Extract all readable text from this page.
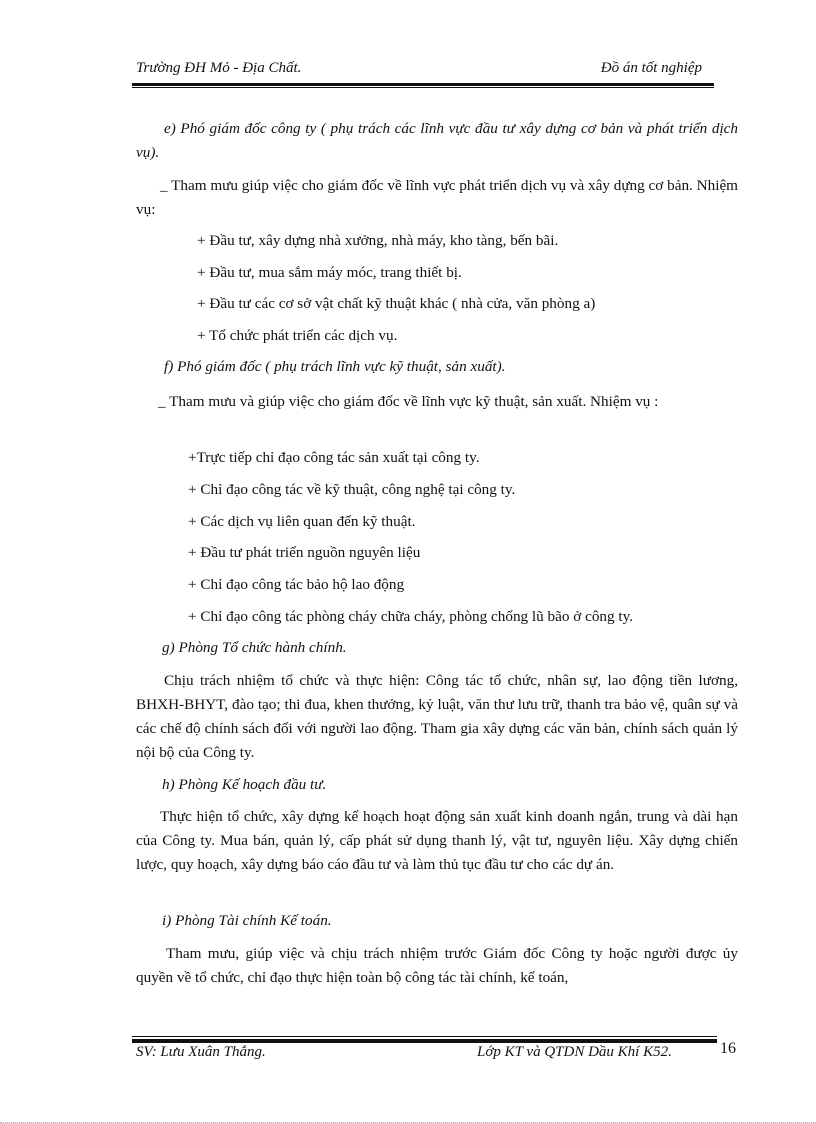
Trường ĐH Mỏ - Địa Chất.	Đồ án tốt nghiệp
e) Phó giám đốc công ty ( phụ trách các lĩnh vực đầu tư xây dựng cơ bản và phát triển dịch vụ).
_ Tham mưu giúp việc cho giám đốc về lĩnh vực phát triển dịch vụ và xây dựng cơ bản. Nhiệm vụ:
+ Đầu tư, xây dựng nhà xưởng, nhà máy, kho tàng, bến bãi.
+ Đầu tư, mua sắm máy móc, trang thiết bị.
+ Đầu tư các cơ sở vật chất kỹ thuật khác ( nhà cửa, văn phòng a)
+ Tổ chức phát triển các dịch vụ.
f) Phó giám đốc ( phụ trách lĩnh vực kỹ thuật, sản xuất).
_ Tham mưu và giúp việc cho giám đốc về lĩnh vực kỹ thuật, sản xuất. Nhiệm vụ :
+Trực tiếp chỉ đạo công tác sản xuất tại công ty.
+ Chỉ đạo công tác về kỹ thuật, công nghệ tại công ty.
+ Các dịch vụ liên quan đến kỹ thuật.
+ Đầu tư phát triển nguồn nguyên liệu
+ Chỉ đạo công tác bảo hộ lao động
+ Chỉ đạo công tác phòng cháy chữa cháy, phòng chống lũ bão ở công ty.
g) Phòng Tổ chức hành chính.
Chịu trách nhiệm tổ chức và thực hiện: Công tác tổ chức, nhân sự, lao động tiền lương, BHXH-BHYT, đào tạo; thi đua, khen thưởng, kỷ luật, văn thư lưu trữ, thanh tra bảo vệ, quân sự và các chế độ chính sách đối với người lao động. Tham gia xây dựng các văn bản, chính sách quản lý nội bộ của Công ty.
h) Phòng Kế hoạch đầu tư.
Thực hiện tổ chức, xây dựng kế hoạch hoạt động sản xuất kinh doanh ngắn, trung và dài hạn của Công ty. Mua bán, quản lý, cấp phát sử dụng thanh lý, vật tư, nguyên liệu. Xây dựng chiến lược, quy hoạch, xây dựng báo cáo đầu tư và làm thủ tục đầu tư cho các dự án.
i) Phòng Tài chính Kế toán.
Tham mưu, giúp việc và chịu trách nhiệm trước Giám đốc Công ty hoặc người được ủy quyền về tổ chức, chỉ đạo thực hiện toàn bộ công tác tài chính, kế toán,
SV: Lưu Xuân Thắng.	Lớp KT và QTDN Dầu Khí K52.	16
